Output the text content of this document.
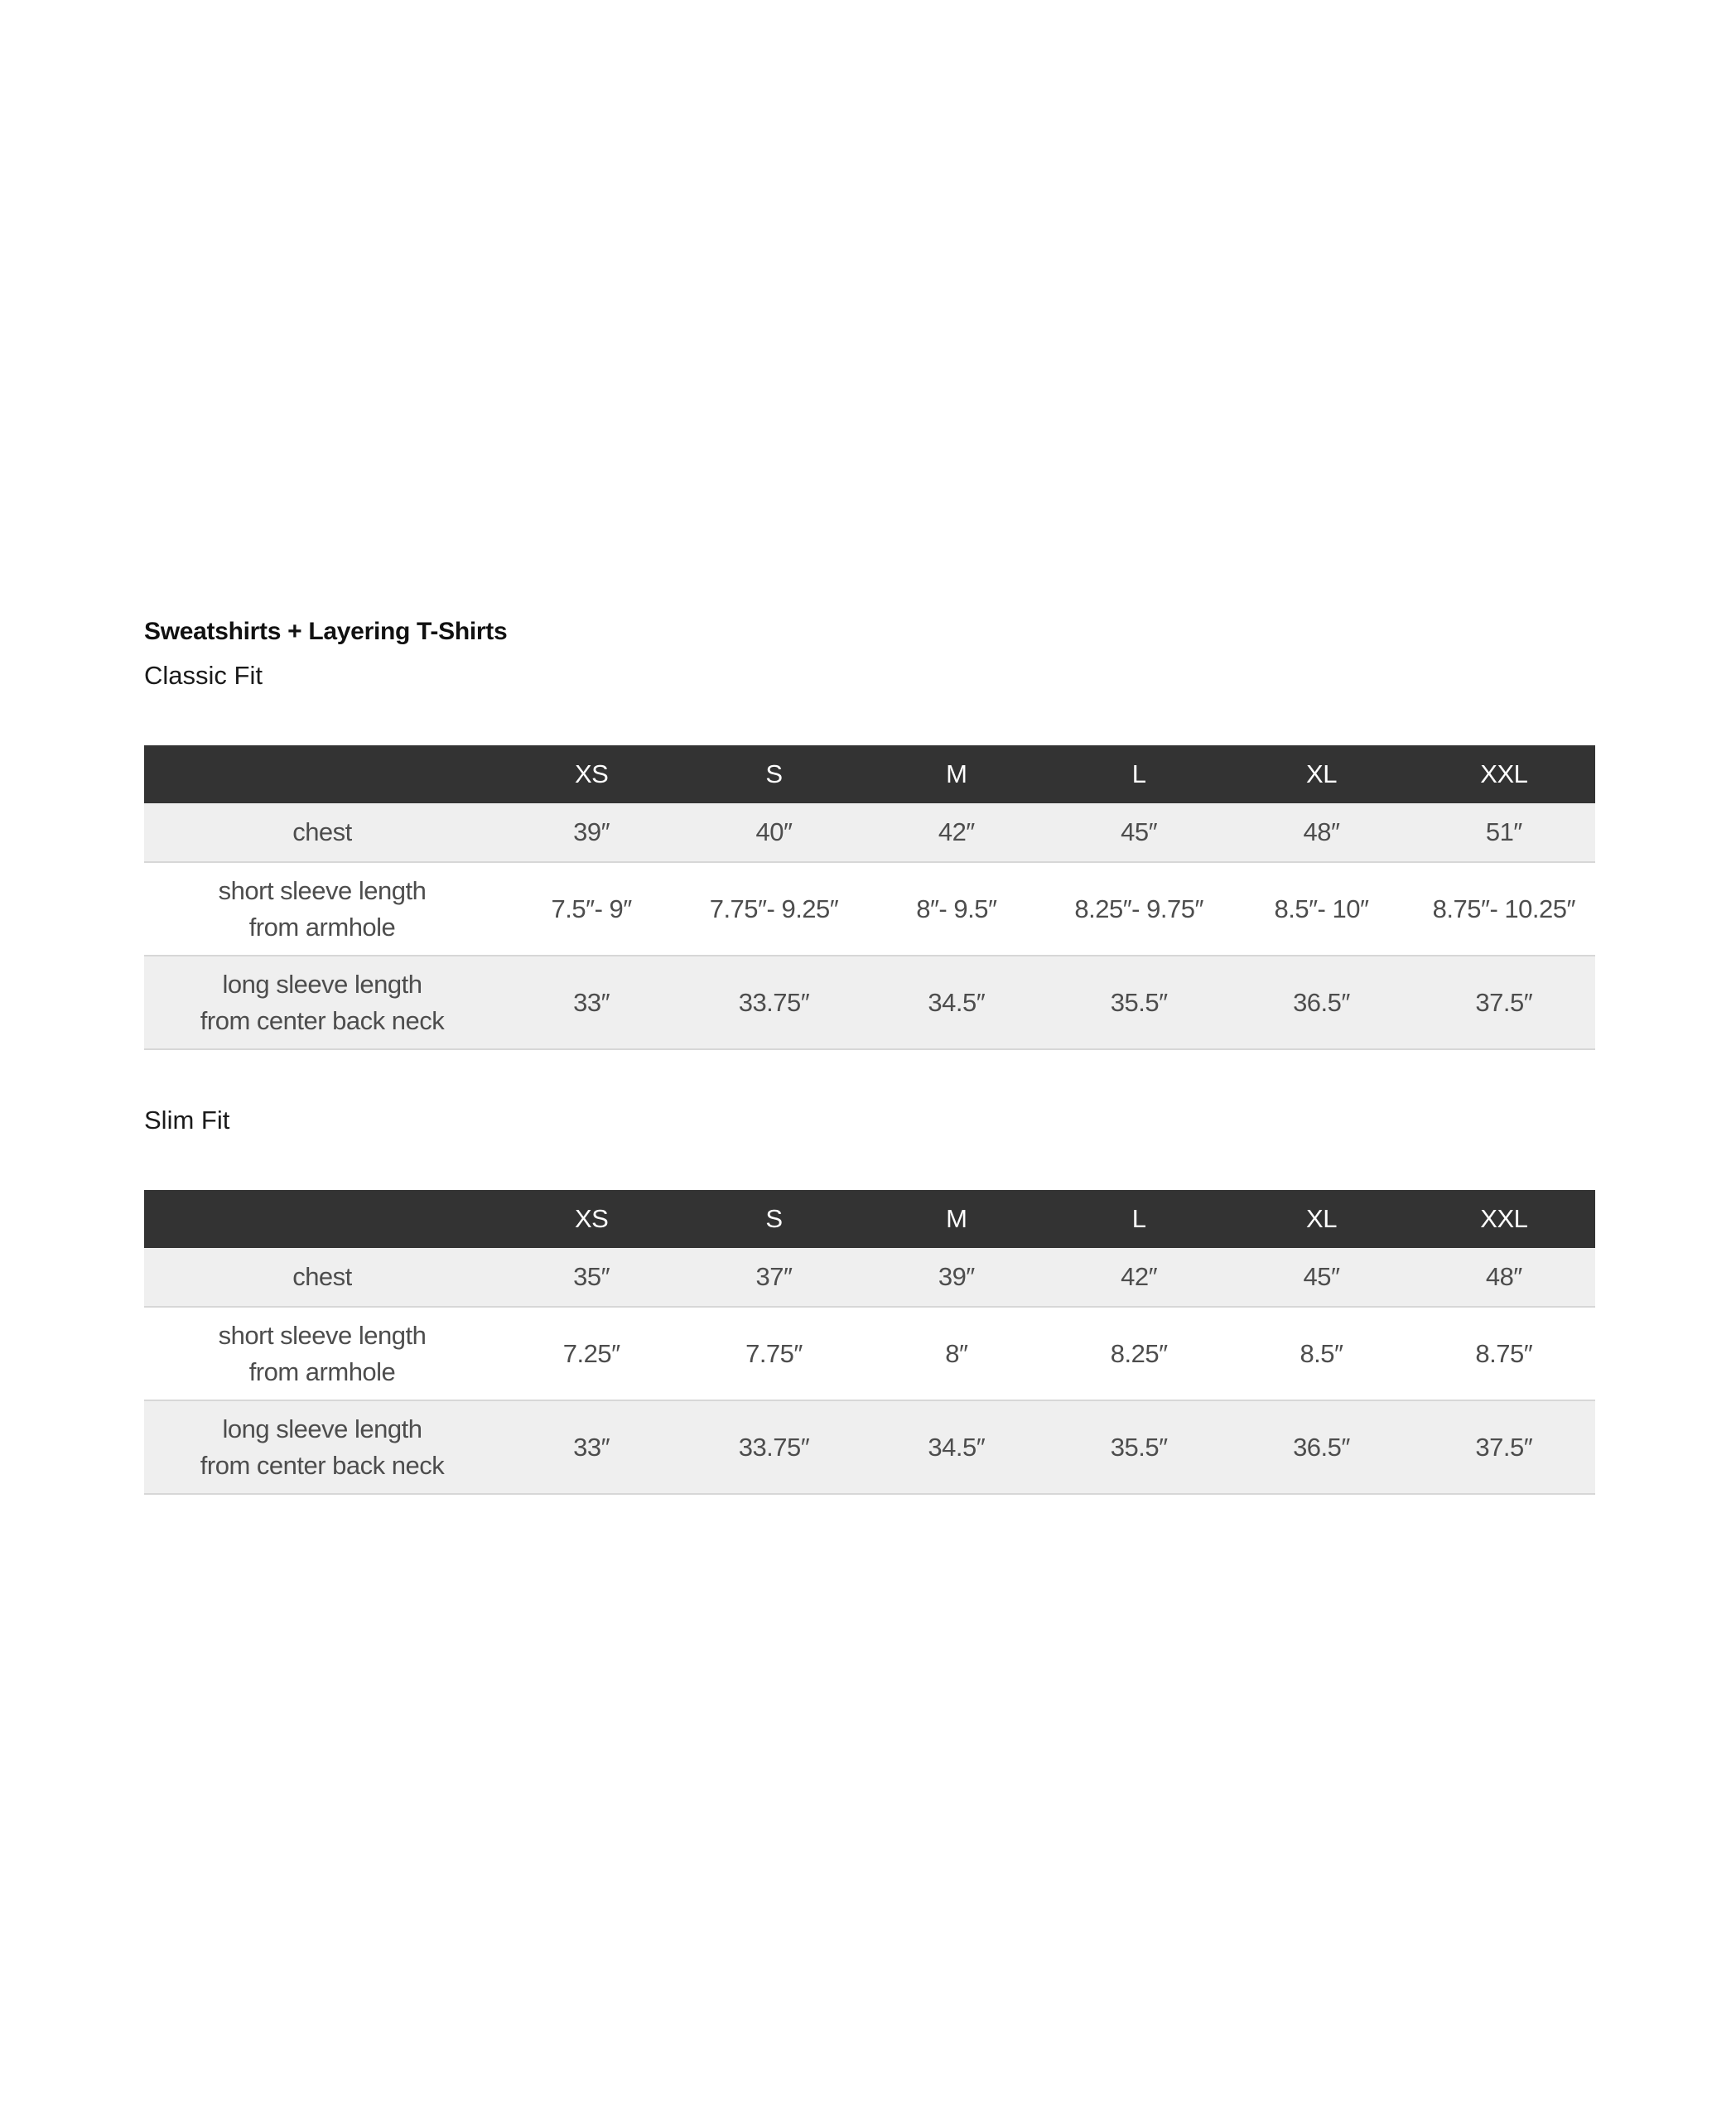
Sweatshirts + Layering T-Shirts
Classic Fit
	XS	S	M	L	XL	XXL

chest	39″	40″	42″	45″	48″	51″

short sleeve length
from armhole	7.5″- 9″	7.75″- 9.25″	8″- 9.5″	8.25″- 9.75″	8.5″- 10″	8.75″- 10.25″

long sleeve length
from center back neck	33″	33.75″	34.5″	35.5″	36.5″	37.5″
Slim Fit
	XS	S	M	L	XL	XXL

chest	35″	37″	39″	42″	45″	48″

short sleeve length
from armhole	7.25″	7.75″	8″	8.25″	8.5″	8.75″

long sleeve length
from center back neck	33″	33.75″	34.5″	35.5″	36.5″	37.5″
